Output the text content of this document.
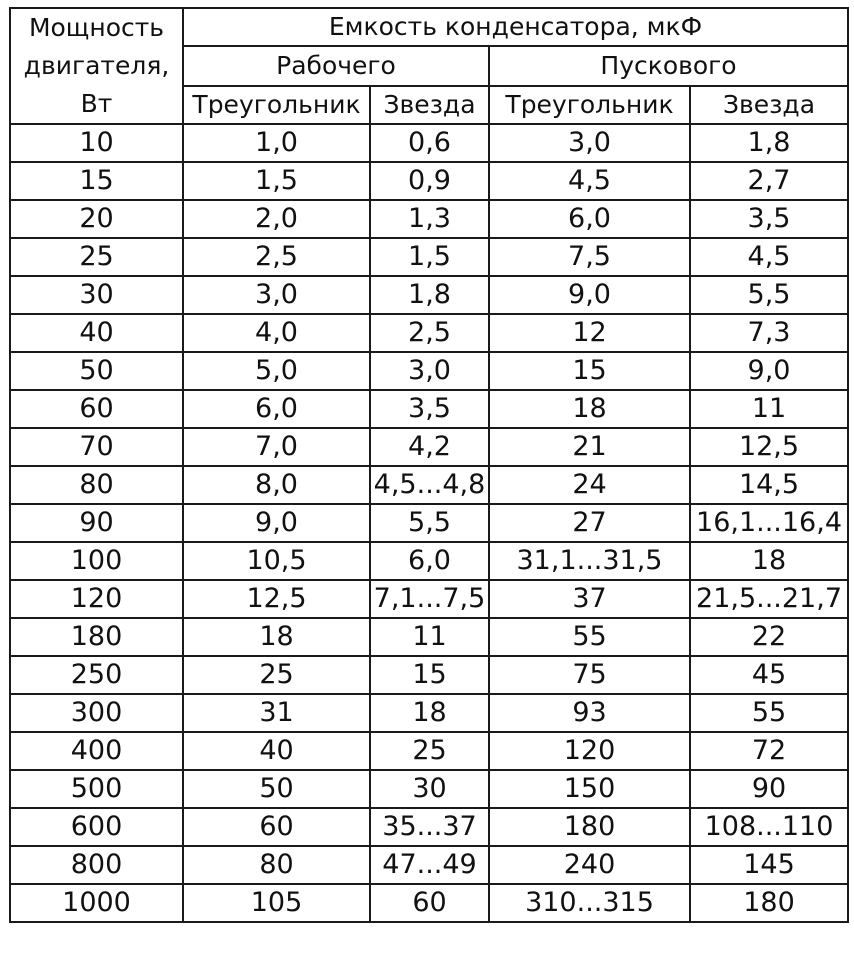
Мощность
двигателя,
Вт	Емкость конденсатора, мкФ			
	Рабочего		Пускового	
	Треугольник	Звезда	Треугольник	Звезда
10	1,0	0,6	3,0	1,8
15	1,5	0,9	4,5	2,7
20	2,0	1,3	6,0	3,5
25	2,5	1,5	7,5	4,5
30	3,0	1,8	9,0	5,5
40	4,0	2,5	12	7,3
50	5,0	3,0	15	9,0
60	6,0	3,5	18	11
70	7,0	4,2	21	12,5
80	8,0	4,5...4,8	24	14,5
90	9,0	5,5	27	16,1...16,4
100	10,5	6,0	31,1...31,5	18
120	12,5	7,1...7,5	37	21,5...21,7
180	18	11	55	22
250	25	15	75	45
300	31	18	93	55
400	40	25	120	72
500	50	30	150	90
600	60	35...37	180	108...110
800	80	47...49	240	145
1000	105	60	310...315	180
